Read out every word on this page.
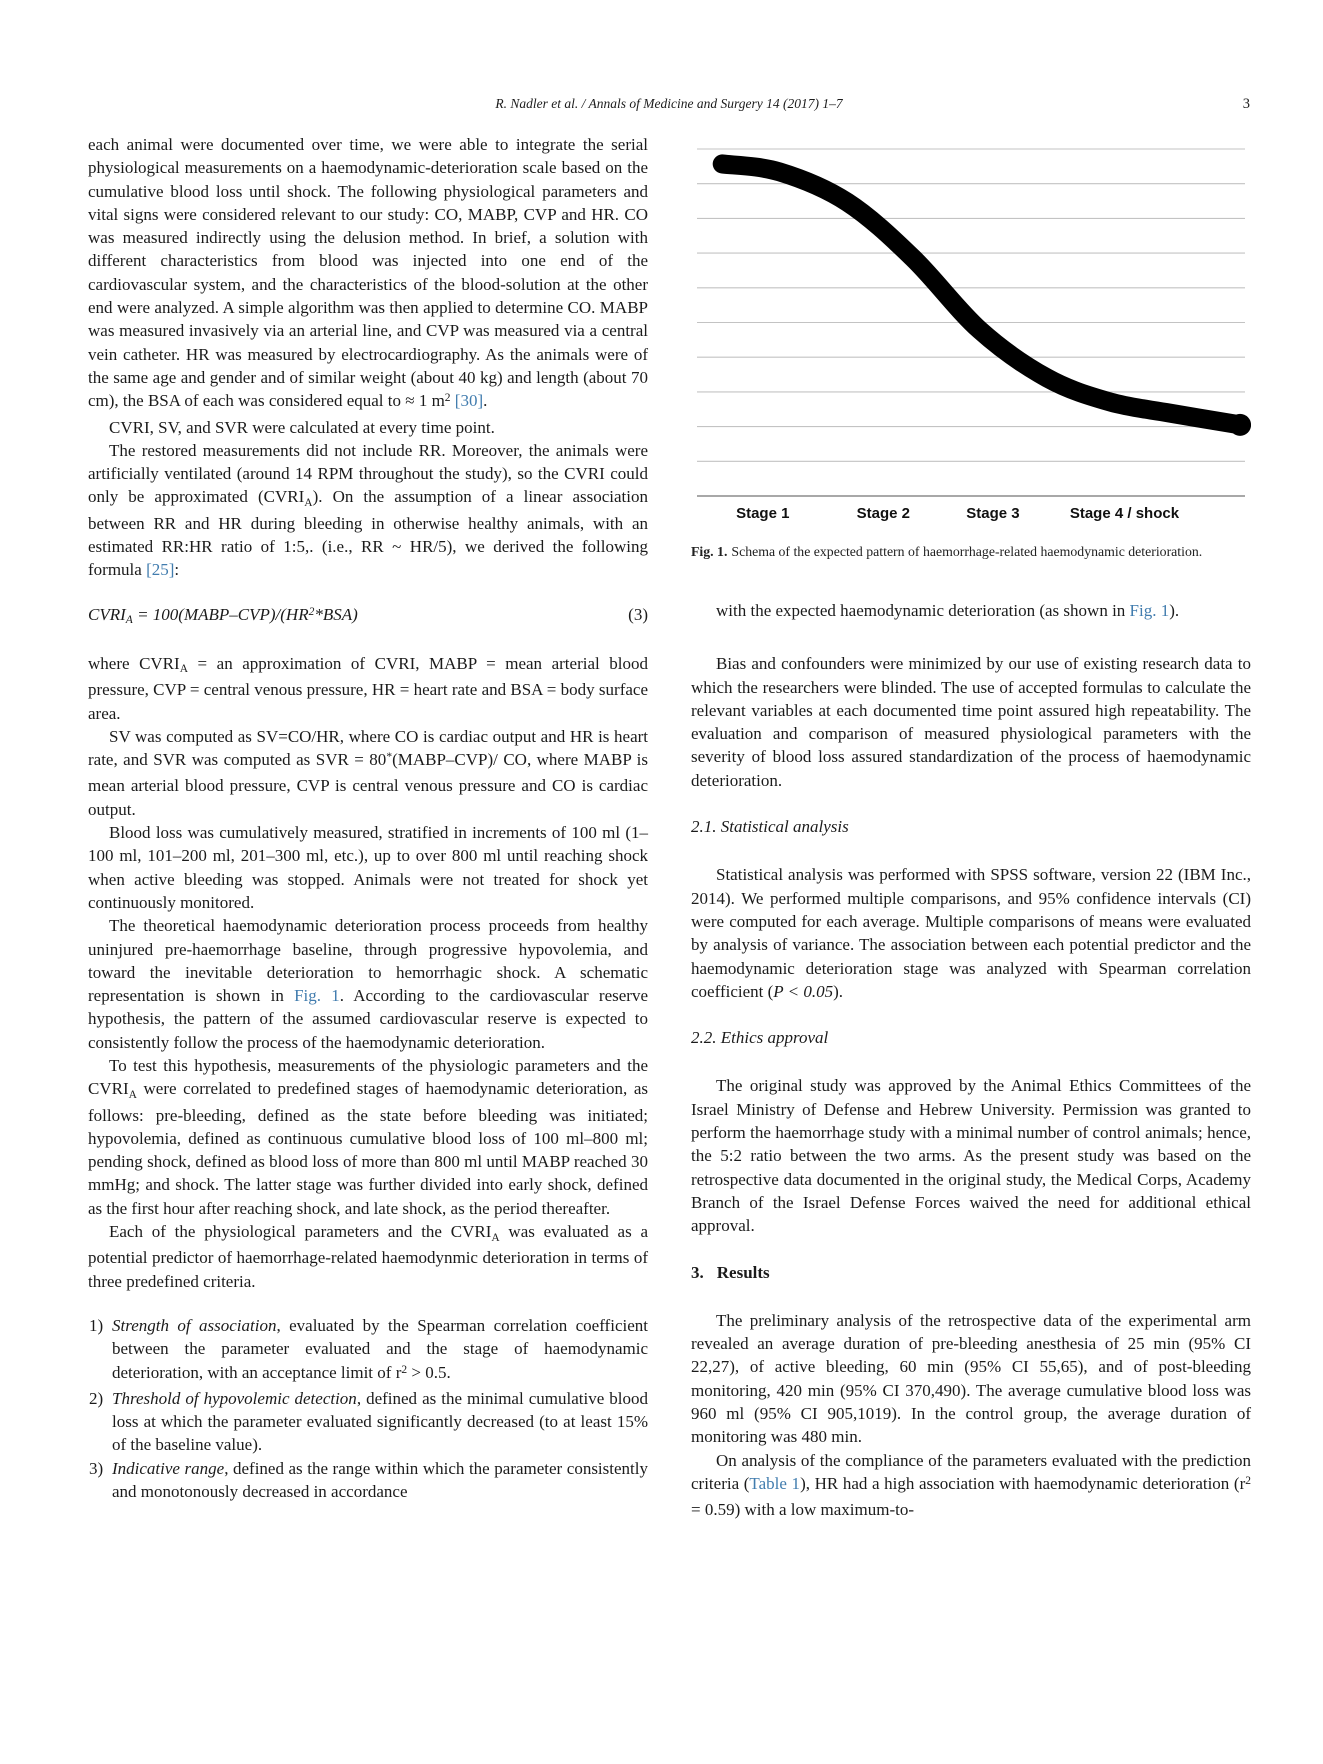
R. Nadler et al. / Annals of Medicine and Surgery 14 (2017) 1–7	3

each animal were documented over time, we were able to integrate the serial physiological measurements on a haemodynamic-deterioration scale based on the cumulative blood loss until shock. The following physiological parameters and vital signs were considered relevant to our study: CO, MABP, CVP and HR. CO was measured indirectly using the delusion method. In brief, a solution with different characteristics from blood was injected into one end of the cardiovascular system, and the characteristics of the blood-solution at the other end were analyzed. A simple algorithm was then applied to determine CO. MABP was measured invasively via an arterial line, and CVP was measured via a central vein catheter. HR was measured by electrocardiography. As the animals were of the same age and gender and of similar weight (about 40 kg) and length (about 70 cm), the BSA of each was considered equal to ≈ 1 $m^2$ [30].

CVRI, SV, and SVR were calculated at every time point.

The restored measurements did not include RR. Moreover, the animals were artificially ventilated (around 14 RPM throughout the study), so the CVRI could only be approximated $(CVRI_A)$. On the assumption of a linear association between RR and HR during bleeding in otherwise healthy animals, with an estimated RR:HR ratio of 1:5,. (i.e., RR ~ HR/5), we derived the following formula [25]:

$CVRI_A$ = $100(MABP-CVP)/(HR^2*BSA)$	(3)

where $CVRI_A$ = an approximation of CVRI, MABP = mean arterial blood pressure, CVP = central venous pressure, HR = heart rate and BSA = body surface area.

SV was computed as SV=CO/HR, where CO is cardiac output and HR is heart rate, and SVR was computed as SVR = 80*(MABP–CVP)/ CO, where MABP is mean arterial blood pressure, CVP is central venous pressure and CO is cardiac output.

Blood loss was cumulatively measured, stratified in increments of 100 ml (1–100 ml, 101–200 ml, 201–300 ml, etc.), up to over 800 ml until reaching shock when active bleeding was stopped. Animals were not treated for shock yet continuously monitored.

The theoretical haemodynamic deterioration process proceeds from healthy uninjured pre-haemorrhage baseline, through progressive hypovolemia, and toward the inevitable deterioration to hemorrhagic shock. A schematic representation is shown in Fig. 1. According to the cardiovascular reserve hypothesis, the pattern of the assumed cardiovascular reserve is expected to consistently follow the process of the haemodynamic deterioration.

To test this hypothesis, measurements of the physiologic parameters and the $CVRI_A$ were correlated to predefined stages of haemodynamic deterioration, as follows: pre-bleeding, defined as the state before bleeding was initiated; hypovolemia, defined as continuous cumulative blood loss of 100 ml–800 ml; pending shock, defined as blood loss of more than 800 ml until MABP reached 30 mmHg; and shock. The latter stage was further divided into early shock, defined as the first hour after reaching shock, and late shock, as the period thereafter.

Each of the physiological parameters and the $CVRI_A$ was evaluated as a potential predictor of haemorrhage-related haemodynmic deterioration in terms of three predefined criteria.

1) Strength of association, evaluated by the Spearman correlation coefficient between the parameter evaluated and the stage of haemodynamic deterioration, with an acceptance limit of $r^2 > 0.5$.
2) Threshold of hypovolemic detection, defined as the minimal cumulative blood loss at which the parameter evaluated significantly decreased (to at least 15% of the baseline value).
3) Indicative range, defined as the range within which the parameter consistently and monotonously decreased in accordance
Stage 1	Stage 2	Stage 3	Stage 4 / shock
Fig. 1. Schema of the expected pattern of haemorrhage-related haemodynamic deterioration.

with the expected haemodynamic deterioration (as shown in Fig. 1).

Bias and confounders were minimized by our use of existing research data to which the researchers were blinded. The use of accepted formulas to calculate the relevant variables at each documented time point assured high repeatability. The evaluation and comparison of measured physiological parameters with the severity of blood loss assured standardization of the process of haemodynamic deterioration.

2.1. Statistical analysis

Statistical analysis was performed with SPSS software, version 22 (IBM Inc., 2014). We performed multiple comparisons, and 95% confidence intervals (CI) were computed for each average. Multiple comparisons of means were evaluated by analysis of variance. The association between each potential predictor and the haemodynamic deterioration stage was analyzed with Spearman correlation coefficient (P < 0.05).

2.2. Ethics approval

The original study was approved by the Animal Ethics Committees of the Israel Ministry of Defense and Hebrew University. Permission was granted to perform the haemorrhage study with a minimal number of control animals; hence, the 5:2 ratio between the two arms. As the present study was based on the retrospective data documented in the original study, the Medical Corps, Academy Branch of the Israel Defense Forces waived the need for additional ethical approval.

3. Results

The preliminary analysis of the retrospective data of the experimental arm revealed an average duration of pre-bleeding anesthesia of 25 min (95% CI 22,27), of active bleeding, 60 min (95% CI 55,65), and of post-bleeding monitoring, 420 min (95% CI 370,490). The average cumulative blood loss was 960 ml (95% CI 905,1019). In the control group, the average duration of monitoring was 480 min.

On analysis of the compliance of the parameters evaluated with the prediction criteria (Table 1), HR had a high association with haemodynamic deterioration $(r^2 = 0.59)$ with a low maximum-to-
